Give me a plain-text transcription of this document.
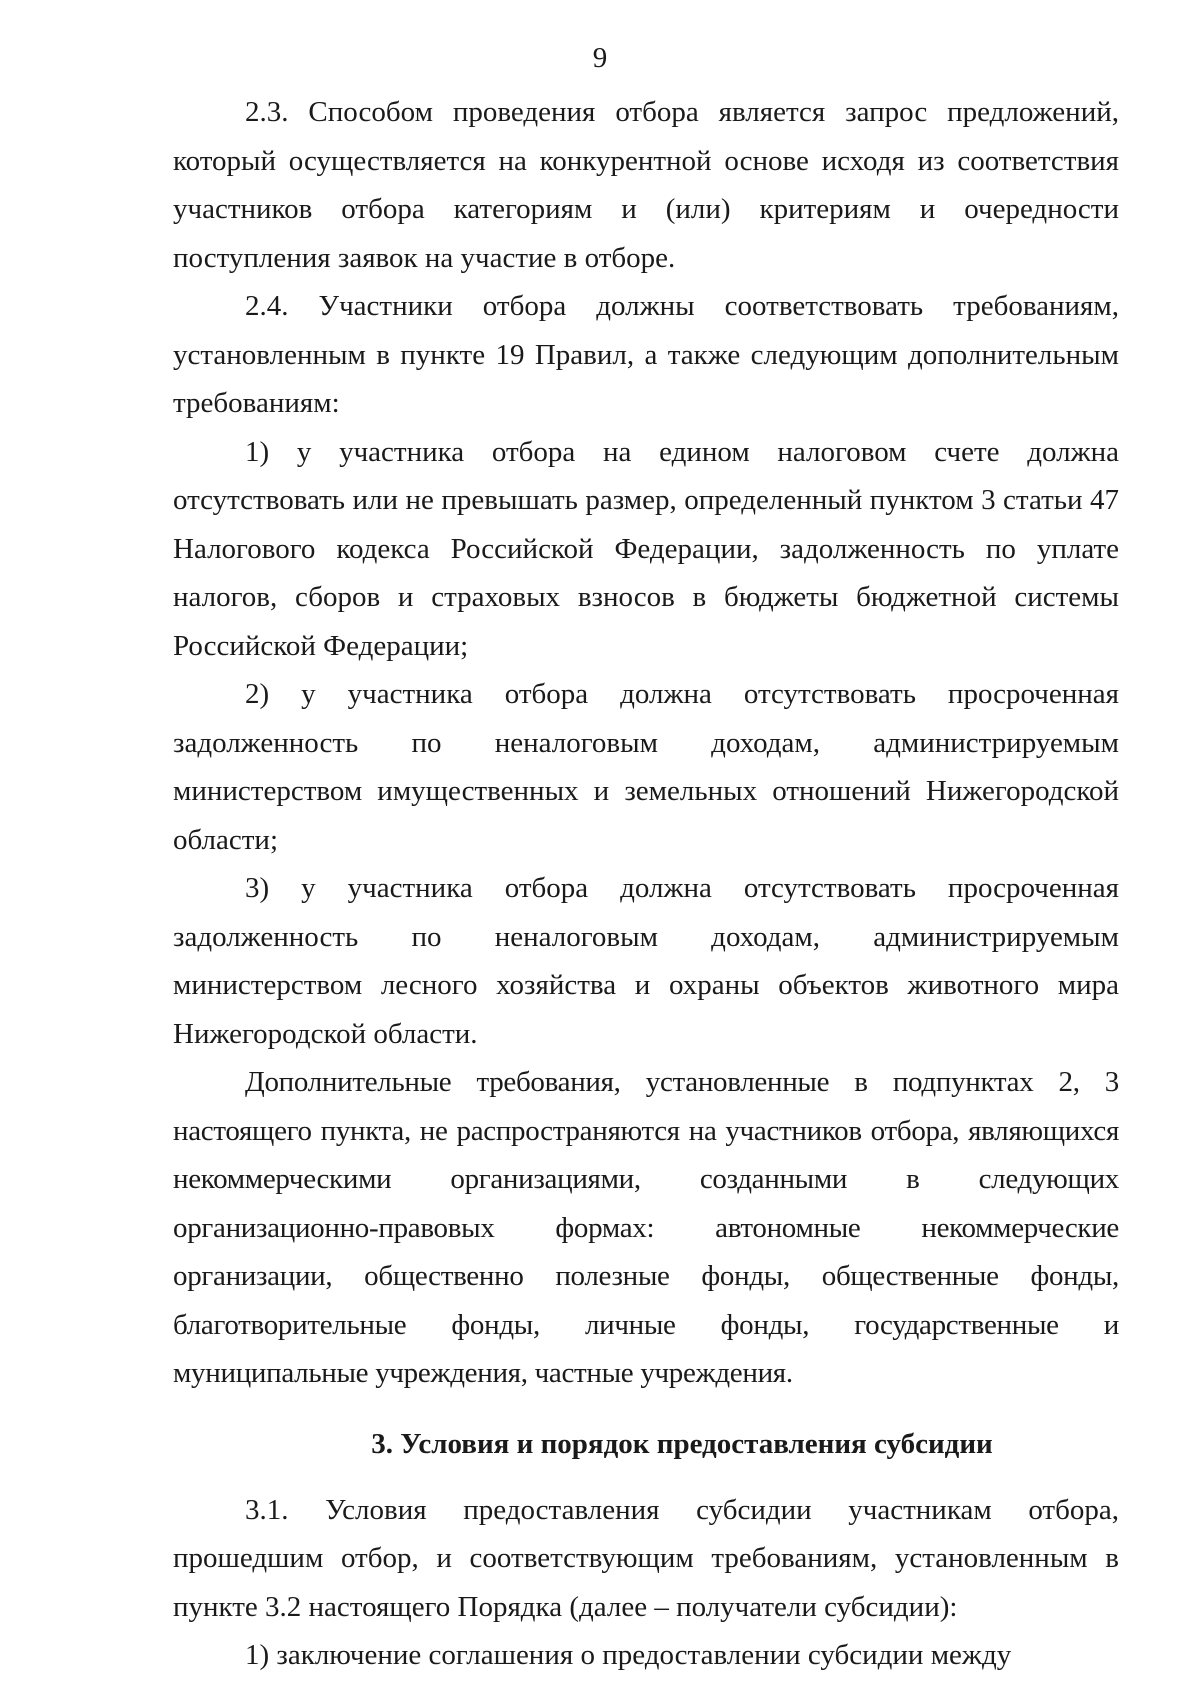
9

2.3. Способом проведения отбора является запрос предложений, который осуществляется на конкурентной основе исходя из соответствия участников отбора категориям и (или) критериям и очередности поступления заявок на участие в отборе.

2.4. Участники отбора должны соответствовать требованиям, установленным в пункте 19 Правил, а также следующим дополнительным требованиям:

1) у участника отбора на едином налоговом счете должна отсутствовать или не превышать размер, определенный пунктом 3 статьи 47 Налогового кодекса Российской Федерации, задолженность по уплате налогов, сборов и страховых взносов в бюджеты бюджетной системы Российской Федерации;

2) у участника отбора должна отсутствовать просроченная задолженность по неналоговым доходам, администрируемым министерством имущественных и земельных отношений Нижегородской области;

3) у участника отбора должна отсутствовать просроченная задолженность по неналоговым доходам, администрируемым министерством лесного хозяйства и охраны объектов животного мира Нижегородской области.

Дополнительные требования, установленные в подпунктах 2, 3 настоящего пункта, не распространяются на участников отбора, являющихся некоммерческими организациями, созданными в следующих организационно-правовых формах: автономные некоммерческие организации, общественно полезные фонды, общественные фонды, благотворительные фонды, личные фонды, государственные и муниципальные учреждения, частные учреждения.

3. Условия и порядок предоставления субсидии

3.1. Условия предоставления субсидии участникам отбора, прошедшим отбор, и соответствующим требованиям, установленным в пункте 3.2 настоящего Порядка (далее – получатели субсидии):

1) заключение соглашения о предоставлении субсидии между
